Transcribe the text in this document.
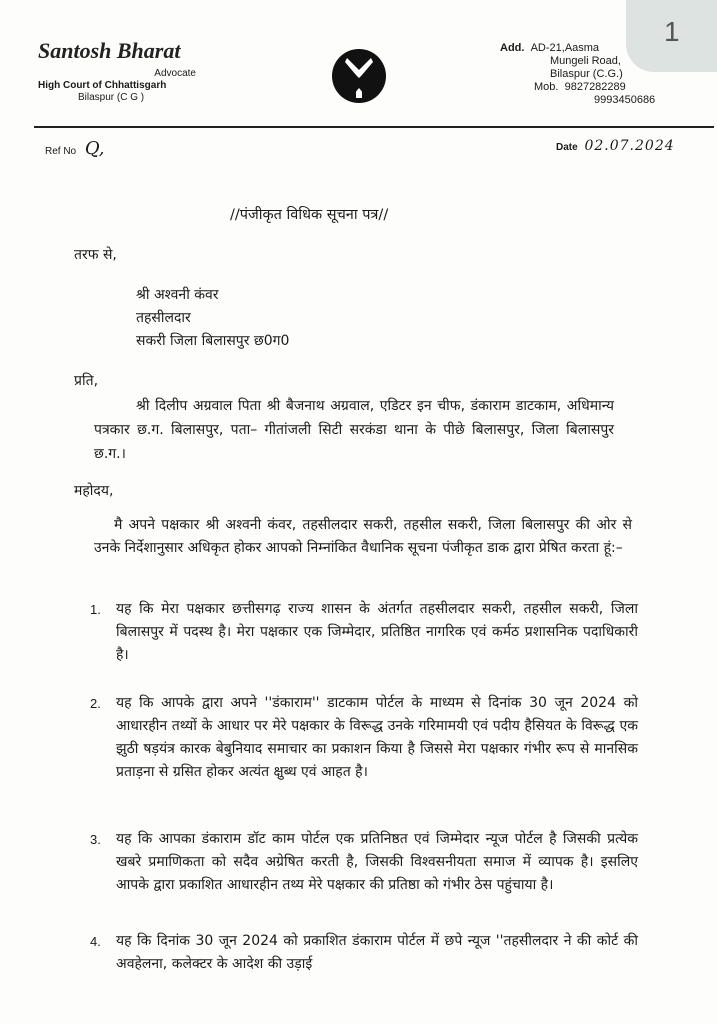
1
Santosh Bharat
Advocate
High Court of Chhattisgarh
Bilaspur (C G )
Add. AD-21,Aasma
Mungeli Road,
Bilaspur (C.G.)
Mob. 9827282289
9993450686
Ref No Q,	Date 02.07.2024
//पंजीकृत विधिक सूचना पत्र//
तरफ से,
श्री अश्वनी कंवर
तहसीलदार
सकरी जिला बिलासपुर छ0ग0
प्रति,
श्री दिलीप अग्रवाल पिता श्री बैजनाथ अग्रवाल, एडिटर इन चीफ, डंकाराम डाटकाम, अधिमान्य पत्रकार छ.ग. बिलासपुर, पता– गीतांजली सिटी सरकंडा थाना के पीछे बिलासपुर, जिला बिलासपुर छ.ग.।
महोदय,
मै अपने पक्षकार श्री अश्वनी कंवर, तहसीलदार सकरी, तहसील सकरी, जिला बिलासपुर की ओर से उनके निर्देशानुसार अधिकृत होकर आपको निम्नांकित वैधानिक सूचना पंजीकृत डाक द्वारा प्रेषित करता हूं:–
1. यह कि मेरा पक्षकार छत्तीसगढ़ राज्य शासन के अंतर्गत तहसीलदार सकरी, तहसील सकरी, जिला बिलासपुर में पदस्थ है। मेरा पक्षकार एक जिम्मेदार, प्रतिष्ठित नागरिक एवं कर्मठ प्रशासनिक पदाधिकारी है।
2. यह कि आपके द्वारा अपने ''डंकाराम'' डाटकाम पोर्टल के माध्यम से दिनांक 30 जून 2024 को आधारहीन तथ्यों के आधार पर मेरे पक्षकार के विरूद्ध उनके गरिमामयी एवं पदीय हैसियत के विरूद्ध एक झुठी षड़यंत्र कारक बेबुनियाद समाचार का प्रकाशन किया है जिससे मेरा पक्षकार गंभीर रूप से मानसिक प्रताड़ना से ग्रसित होकर अत्यंत क्षुब्ध एवं आहत है।
3. यह कि आपका डंकाराम डॉट काम पोर्टल एक प्रतिनिष्ठत एवं जिम्मेदार न्यूज पोर्टल है जिसकी प्रत्येक खबरे प्रमाणिकता को सदैव अग्रेषित करती है, जिसकी विश्वसनीयता समाज में व्यापक है। इसलिए आपके द्वारा प्रकाशित आधारहीन तथ्य मेरे पक्षकार की प्रतिष्ठा को गंभीर ठेस पहुंचाया है।
4. यह कि दिनांक 30 जून 2024 को प्रकाशित डंकाराम पोर्टल में छपे न्यूज ''तहसीलदार ने की कोर्ट की अवहेलना, कलेक्टर के आदेश की उड़ाई
